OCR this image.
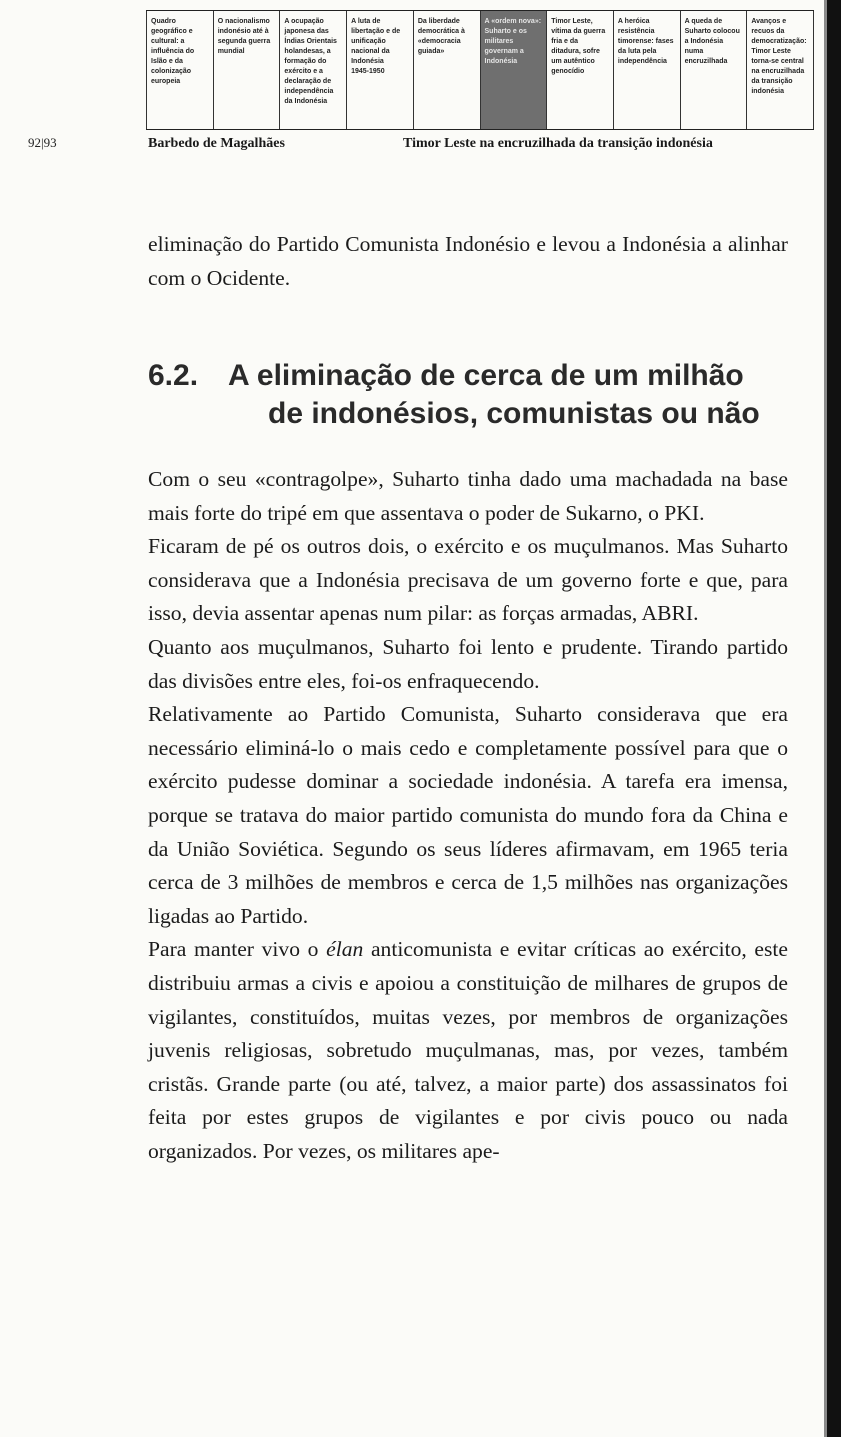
Quadro
geográfico e
cultural: a
influência do
Islão e da
colonização
europeia
O nacionalismo
indonésio até à
segunda guerra
mundial
A ocupação
japonesa das
Índias Orientais
holandesas, a
formação do
exército e a
declaração de
independência
da Indonésia
A luta de
libertação e de
unificação
nacional da
Indonésia
1945-1950
Da liberdade
democrática à
«democracia
guiada»
A «ordem nova»:
Suharto e os
militares
governam a
Indonésia
Timor Leste,
vítima da guerra
fria e da
ditadura, sofre
um autêntico
genocídio
A heróica
resistência
timorense: fases
da luta pela
independência
A queda de
Suharto colocou
a Indonésia
numa
encruzilhada
Avanços e
recuos da
democratização:
Timor Leste
torna-se central
na encruzilhada
da transição
indonésia
92|93	Barbedo de Magalhães	Timor Leste na encruzilhada da transição indonésia

eliminação do Partido Comunista Indonésio e levou a Indonésia a alinhar com o Ocidente.

6.2. A eliminação de cerca de um milhão
de indonésios, comunistas ou não

Com o seu «contragolpe», Suharto tinha dado uma machadada na base mais forte do tripé em que assentava o poder de Sukarno, o PKI.

Ficaram de pé os outros dois, o exército e os muçulmanos. Mas Suharto considerava que a Indonésia precisava de um governo forte e que, para isso, devia assentar apenas num pilar: as forças armadas, ABRI.

Quanto aos muçulmanos, Suharto foi lento e prudente. Tirando partido das divisões entre eles, foi-os enfraquecendo.

Relativamente ao Partido Comunista, Suharto considerava que era necessário eliminá-lo o mais cedo e completamente possível para que o exército pudesse dominar a sociedade indonésia. A tarefa era imensa, porque se tratava do maior partido comunista do mundo fora da China e da União Soviética. Segundo os seus líderes afirmavam, em 1965 teria cerca de 3 milhões de membros e cerca de 1,5 milhões nas organizações ligadas ao Partido.

Para manter vivo o élan anticomunista e evitar críticas ao exército, este distribuiu armas a civis e apoiou a constituição de milhares de grupos de vigilantes, constituídos, muitas vezes, por membros de organizações juvenis religiosas, sobretudo muçulmanas, mas, por vezes, também cristãs. Grande parte (ou até, talvez, a maior parte) dos assassinatos foi feita por estes grupos de vigilantes e por civis pouco ou nada organizados. Por vezes, os militares ape-
